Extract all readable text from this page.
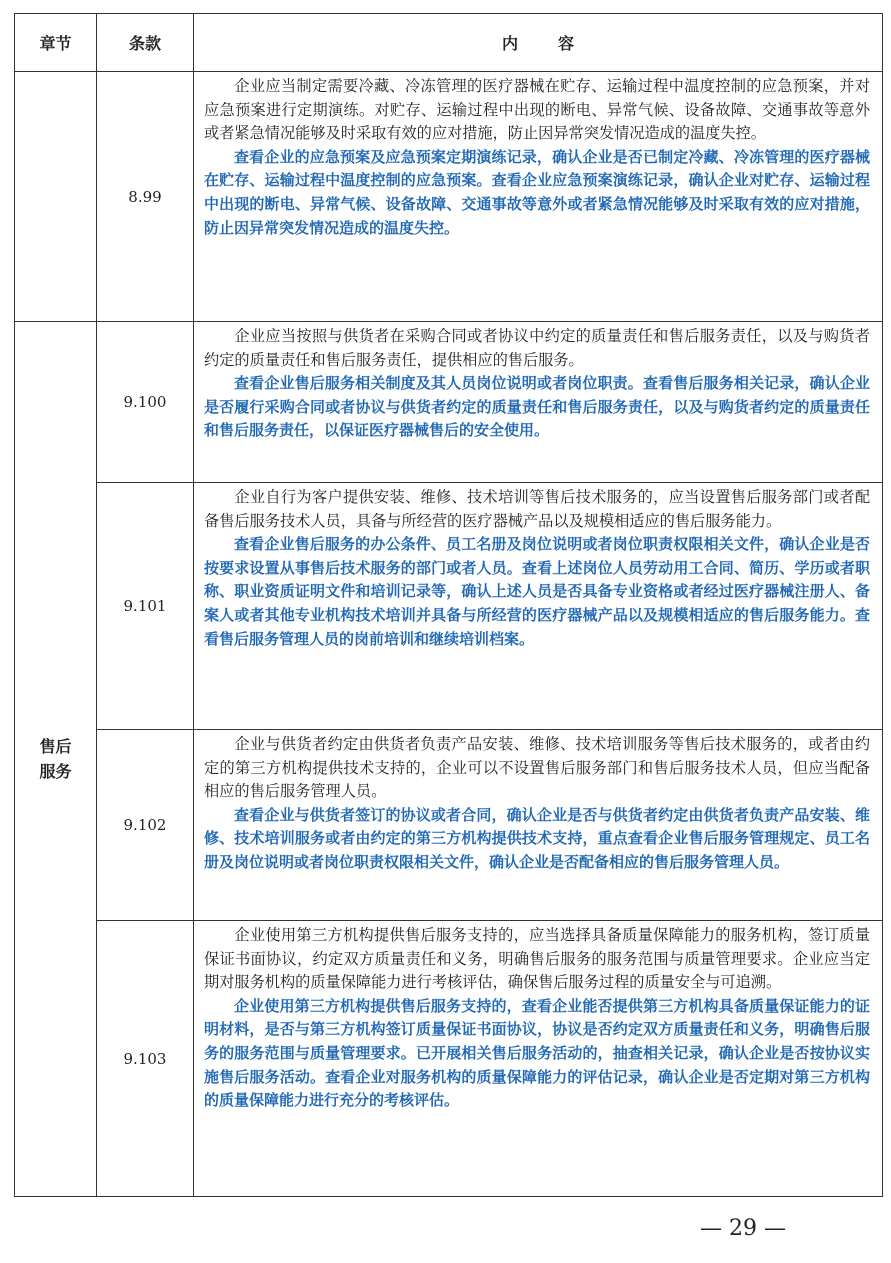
章节	条款	内容
	8.99	企业应当制定需要冷藏、冷冻管理的医疗器械在贮存、运输过程中温度控制的应急预案，并对应急预案进行定期演练。对贮存、运输过程中出现的断电、异常气候、设备故障、交通事故等意外或者紧急情况能够及时采取有效的应对措施，防止因异常突发情况造成的温度失控。

查看企业的应急预案及应急预案定期演练记录，确认企业是否已制定冷藏、冷冻管理的医疗器械在贮存、运输过程中温度控制的应急预案。查看企业应急预案演练记录，确认企业对贮存、运输过程中出现的断电、异常气候、设备故障、交通事故等意外或者紧急情况能够及时采取有效的应对措施，防止因异常突发情况造成的温度失控。

售后服务	9.100	企业应当按照与供货者在采购合同或者协议中约定的质量责任和售后服务责任，以及与购货者约定的质量责任和售后服务责任，提供相应的售后服务。

查看企业售后服务相关制度及其人员岗位说明或者岗位职责。查看售后服务相关记录，确认企业是否履行采购合同或者协议与供货者约定的质量责任和售后服务责任，以及与购货者约定的质量责任和售后服务责任，以保证医疗器械售后的安全使用。

	9.101	企业自行为客户提供安装、维修、技术培训等售后技术服务的，应当设置售后服务部门或者配备售后服务技术人员，具备与所经营的医疗器械产品以及规模相适应的售后服务能力。

查看企业售后服务的办公条件、员工名册及岗位说明或者岗位职责权限相关文件，确认企业是否按要求设置从事售后技术服务的部门或者人员。查看上述岗位人员劳动用工合同、简历、学历或者职称、职业资质证明文件和培训记录等，确认上述人员是否具备专业资格或者经过医疗器械注册人、备案人或者其他专业机构技术培训并具备与所经营的医疗器械产品以及规模相适应的售后服务能力。查看售后服务管理人员的岗前培训和继续培训档案。

	9.102	企业与供货者约定由供货者负责产品安装、维修、技术培训服务等售后技术服务的，或者由约定的第三方机构提供技术支持的，企业可以不设置售后服务部门和售后服务技术人员，但应当配备相应的售后服务管理人员。

查看企业与供货者签订的协议或者合同，确认企业是否与供货者约定由供货者负责产品安装、维修、技术培训服务或者由约定的第三方机构提供技术支持，重点查看企业售后服务管理规定、员工名册及岗位说明或者岗位职责权限相关文件，确认企业是否配备相应的售后服务管理人员。

	9.103	企业使用第三方机构提供售后服务支持的，应当选择具备质量保障能力的服务机构，签订质量保证书面协议，约定双方质量责任和义务，明确售后服务的服务范围与质量管理要求。企业应当定期对服务机构的质量保障能力进行考核评估，确保售后服务过程的质量安全与可追溯。

企业使用第三方机构提供售后服务支持的，查看企业能否提供第三方机构具备质量保证能力的证明材料，是否与第三方机构签订质量保证书面协议，协议是否约定双方质量责任和义务，明确售后服务的服务范围与质量管理要求。已开展相关售后服务活动的，抽查相关记录，确认企业是否按协议实施售后服务活动。查看企业对服务机构的质量保障能力的评估记录，确认企业是否定期对第三方机构的质量保障能力进行充分的考核评估。

— 29 —
